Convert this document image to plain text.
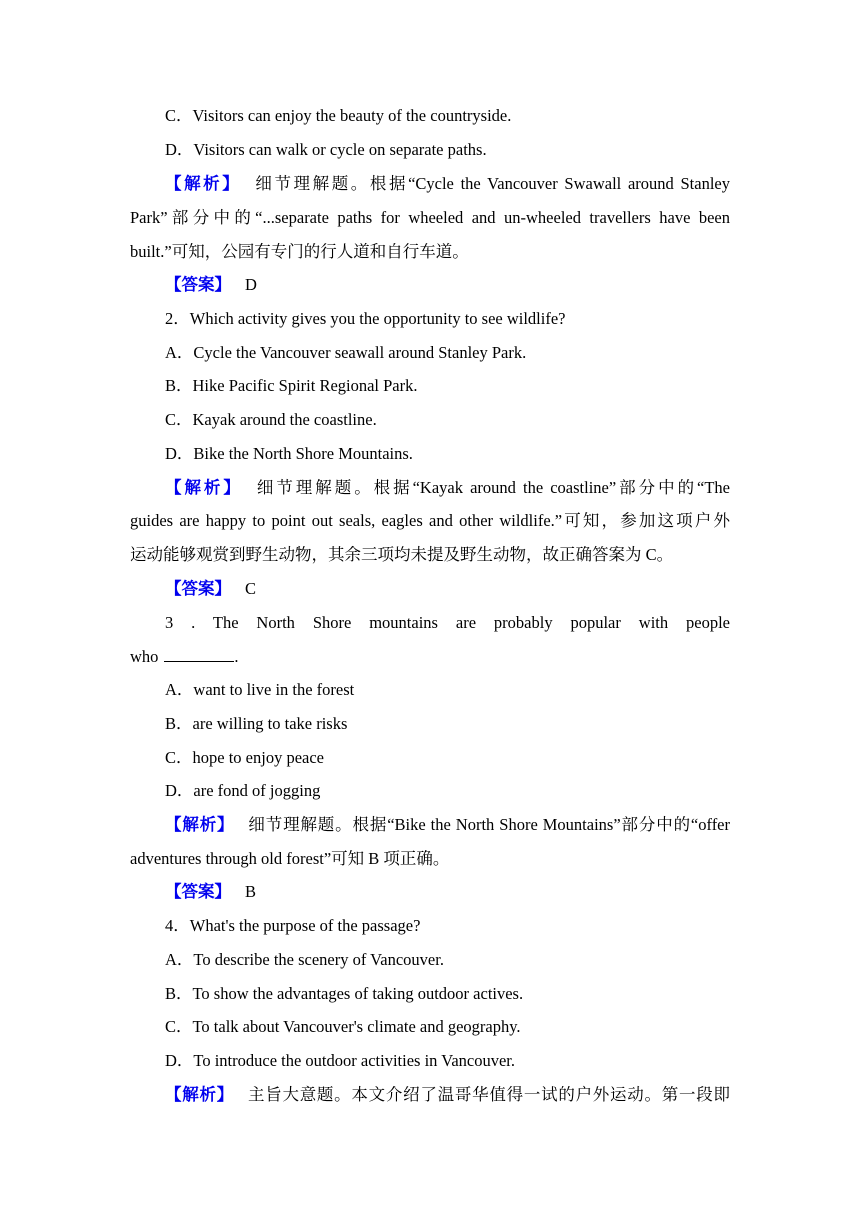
C．Visitors can enjoy the beauty of the countryside.
D．Visitors can walk or cycle on separate paths.
【解析】 细节理解题。根据“Cycle the Vancouver Swawall around Stanley
Park”部分中的“...separate paths for wheeled and un-wheeled travellers have been
built.”可知，公园有专门的行人道和自行车道。
【答案】 D
2．Which activity gives you the opportunity to see wildlife?
A．Cycle the Vancouver seawall around Stanley Park.
B．Hike Pacific Spirit Regional Park.
C．Kayak around the coastline.
D．Bike the North Shore Mountains.
【解析】 细节理解题。根据“Kayak around the coastline”部分中的“The
guides are happy to point out seals, eagles and other wildlife.”可知，参加这项户外
运动能够观赏到野生动物，其余三项均未提及野生动物，故正确答案为 C。
【答案】 C
3 . The North Shore mountains are probably popular with people
who	.
A．want to live in the forest
B．are willing to take risks
C．hope to enjoy peace
D．are fond of jogging
【解析】 细节理解题。根据“Bike the North Shore Mountains”部分中的“offer
adventures through old forest”可知 B 项正确。
【答案】 B
4．What's the purpose of the passage?
A．To describe the scenery of Vancouver.
B．To show the advantages of taking outdoor actives.
C．To talk about Vancouver's climate and geography.
D．To introduce the outdoor activities in Vancouver.
【解析】 主旨大意题。本文介绍了温哥华值得一试的户外运动。第一段即
